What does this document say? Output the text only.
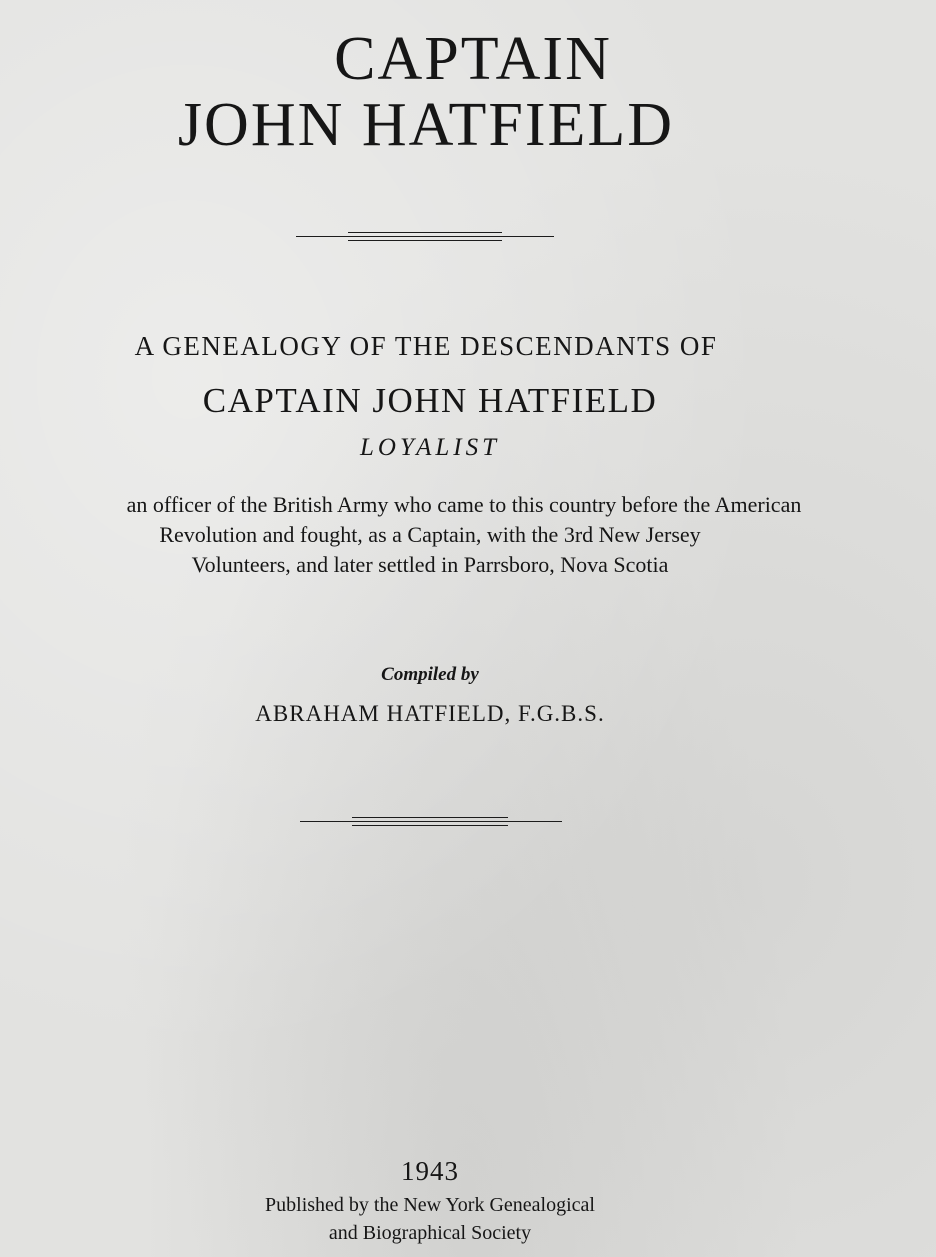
CAPTAIN
JOHN HATFIELD
A GENEALOGY OF THE DESCENDANTS OF
CAPTAIN JOHN HATFIELD
LOYALIST
an officer of the British Army who came to this country before the American
Revolution and fought, as a Captain, with the 3rd New Jersey
Volunteers, and later settled in Parrsboro, Nova Scotia
Compiled by
ABRAHAM HATFIELD, F.G.B.S.
1943
Published by the New York Genealogical
and Biographical Society
